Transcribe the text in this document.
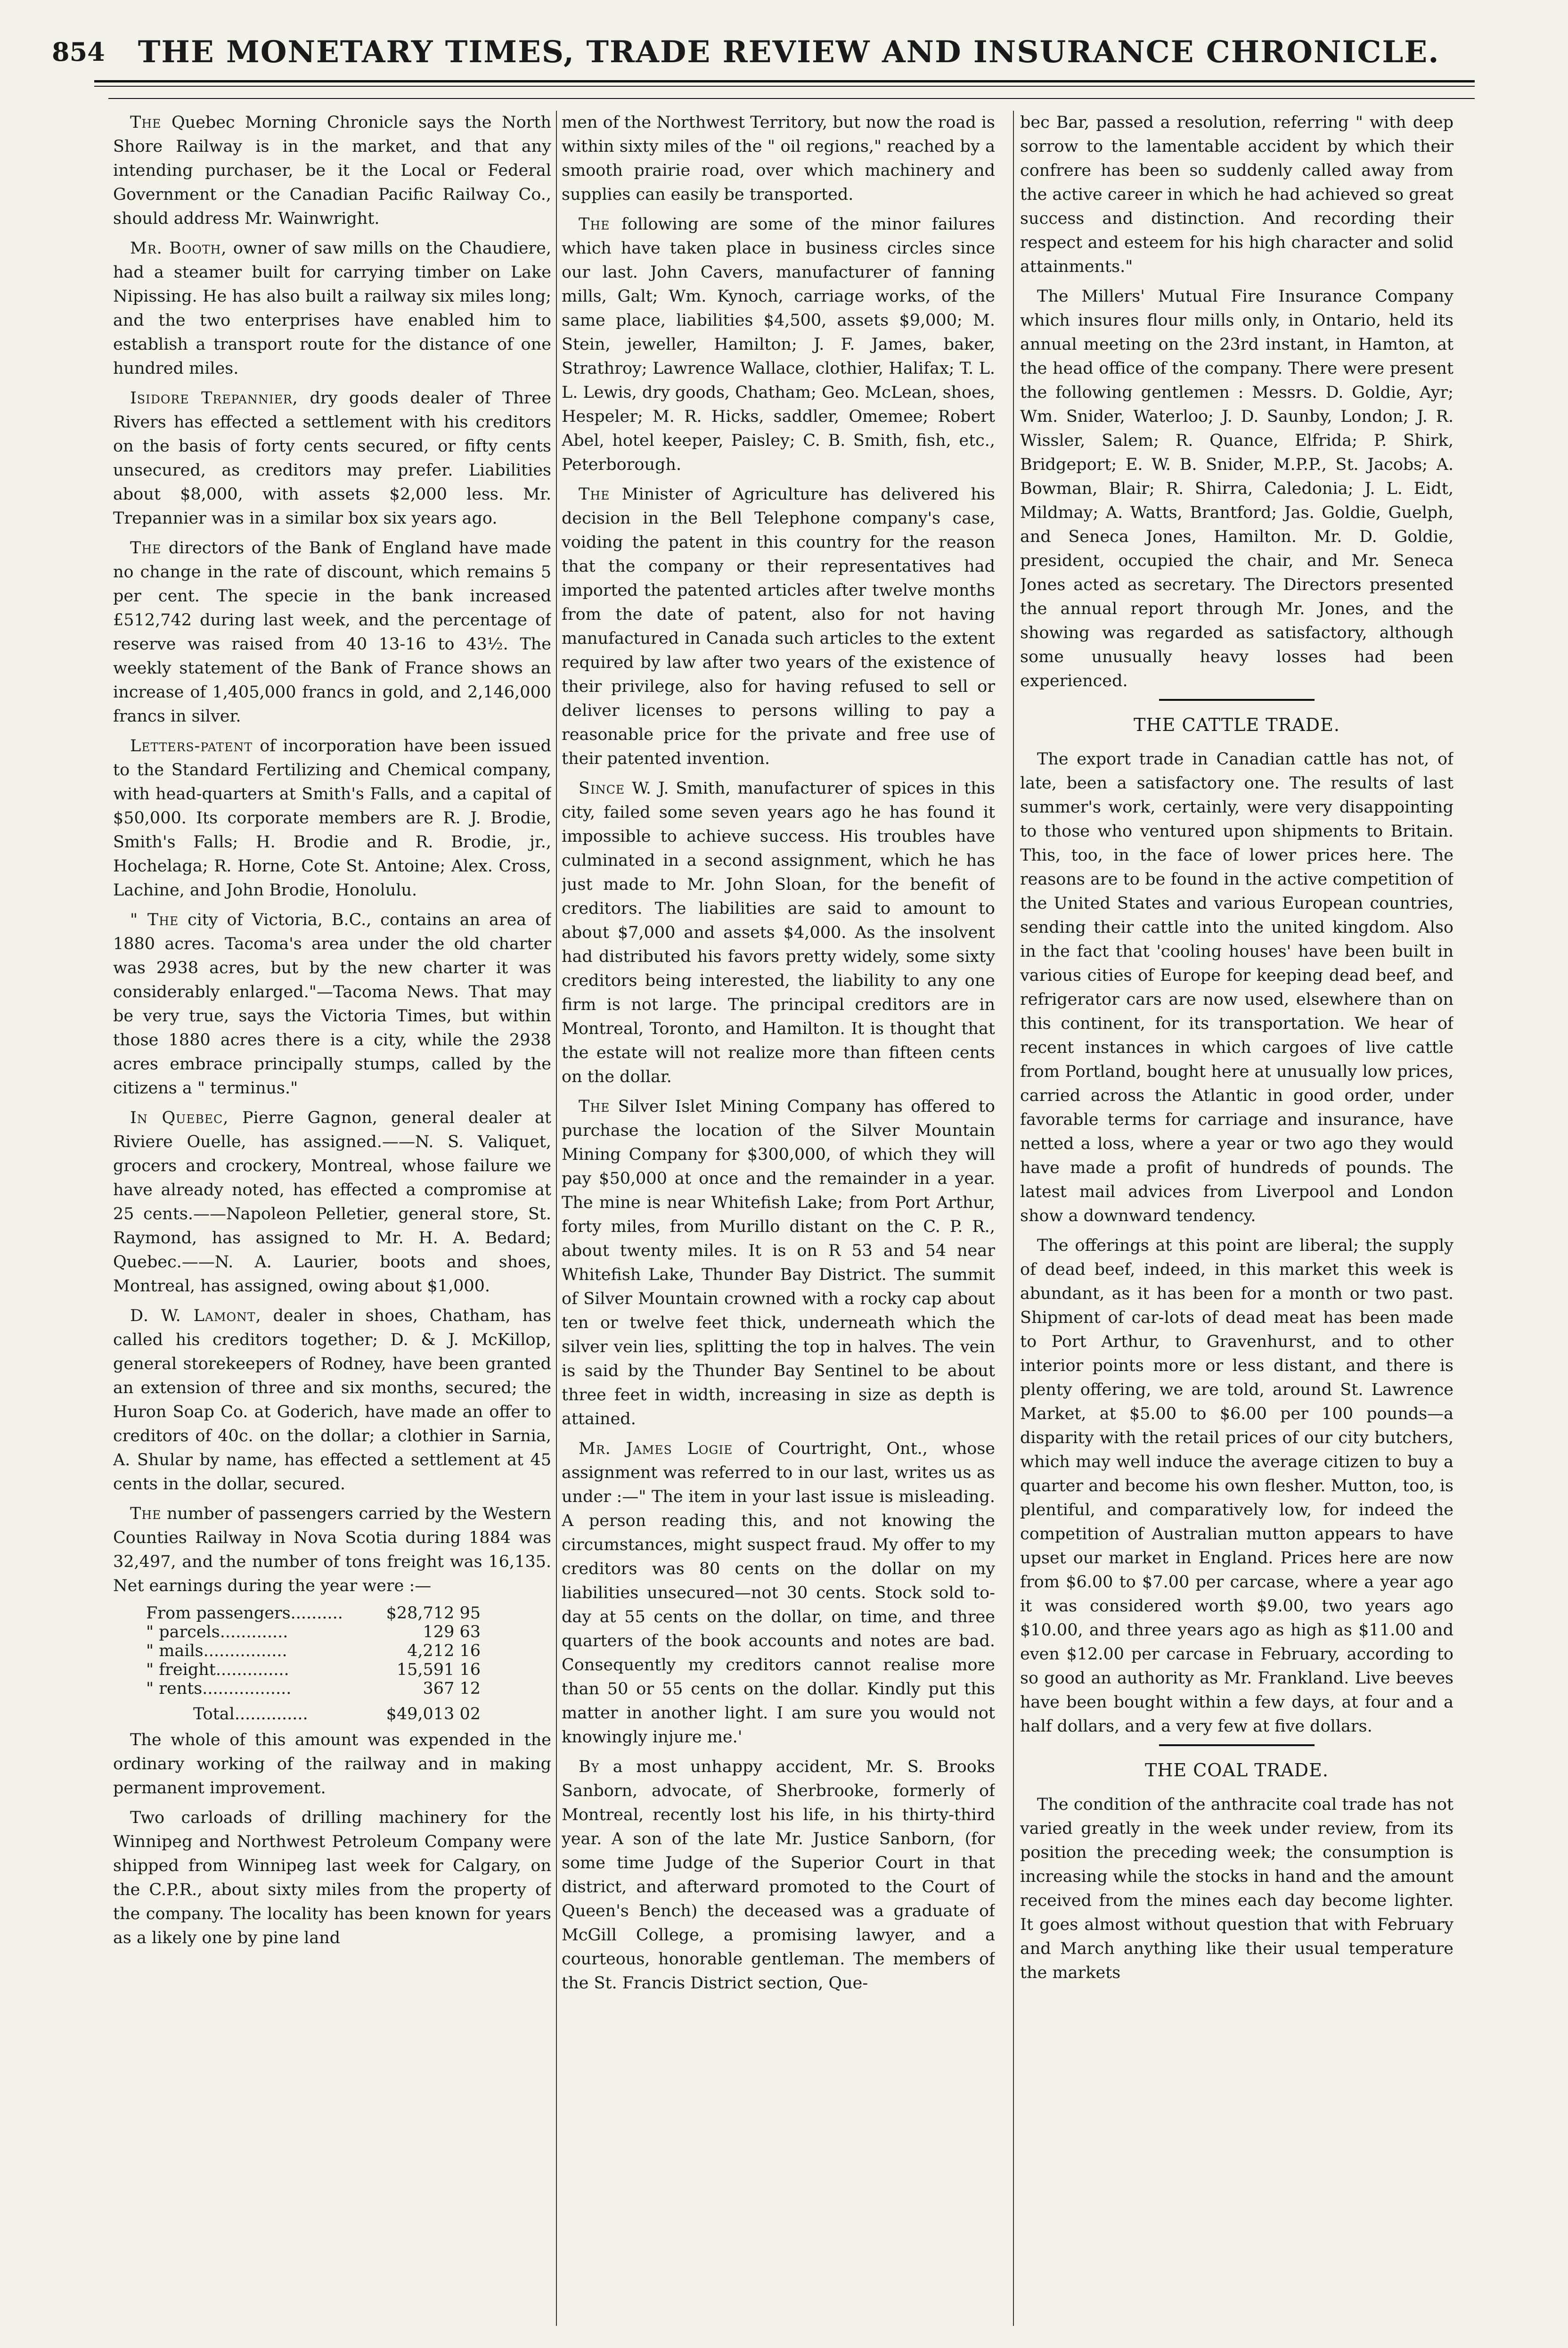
854 THE MONETARY TIMES, TRADE REVIEW AND INSURANCE CHRONICLE.

The Quebec Morning Chronicle says the North Shore Railway is in the market, and that any intending purchaser, be it the Local or Federal Government or the Canadian Pacific Railway Co., should address Mr. Wainwright.

Mr. Booth, owner of saw mills on the Chaudiere, had a steamer built for carrying timber on Lake Nipissing. He has also built a railway six miles long; and the two enterprises have enabled him to establish a transport route for the distance of one hundred miles.

Isidore Trepannier, dry goods dealer of Three Rivers has effected a settlement with his creditors on the basis of forty cents secured, or fifty cents unsecured, as creditors may prefer. Liabilities about $8,000, with assets $2,000 less. Mr. Trepannier was in a similar box six years ago.

The directors of the Bank of England have made no change in the rate of discount, which remains 5 per cent. The specie in the bank increased £512,742 during last week, and the percentage of reserve was raised from 40 13-16 to 43½. The weekly statement of the Bank of France shows an increase of 1,405,000 francs in gold, and 2,146,000 francs in silver.

Letters-patent of incorporation have been issued to the Standard Fertilizing and Chemical company, with head-quarters at Smith's Falls, and a capital of $50,000. Its corporate members are R. J. Brodie, Smith's Falls; H. Brodie and R. Brodie, jr., Hochelaga; R. Horne, Cote St. Antoine; Alex. Cross, Lachine, and John Brodie, Honolulu.

" The city of Victoria, B.C., contains an area of 1880 acres. Tacoma's area under the old charter was 2938 acres, but by the new charter it was considerably enlarged."—Tacoma News. That may be very true, says the Victoria Times, but within those 1880 acres there is a city, while the 2938 acres embrace principally stumps, called by the citizens a " terminus."

In Quebec, Pierre Gagnon, general dealer at Riviere Ouelle, has assigned.——N. S. Valiquet, grocers and crockery, Montreal, whose failure we have already noted, has effected a compromise at 25 cents.——Napoleon Pelletier, general store, St. Raymond, has assigned to Mr. H. A. Bedard; Quebec.——N. A. Laurier, boots and shoes, Montreal, has assigned, owing about $1,000.

D. W. Lamont, dealer in shoes, Chatham, has called his creditors together; D. & J. McKillop, general storekeepers of Rodney, have been granted an extension of three and six months, secured; the Huron Soap Co. at Goderich, have made an offer to creditors of 40c. on the dollar; a clothier in Sarnia, A. Shular by name, has effected a settlement at 45 cents in the dollar, secured.

The number of passengers carried by the Western Counties Railway in Nova Scotia during 1884 was 32,497, and the number of tons freight was 16,135. Net earnings during the year were :—

From passengers..........	$28,712 95
" parcels.............	129 63
" mails................	4,212 16
" freight..............	15,591 16
" rents.................	367 12
Total..............	$49,013 02

The whole of this amount was expended in the ordinary working of the railway and in making permanent improvement.

Two carloads of drilling machinery for the Winnipeg and Northwest Petroleum Company were shipped from Winnipeg last week for Calgary, on the C.P.R., about sixty miles from the property of the company. The locality has been known for years as a likely one by pine land

men of the Northwest Territory, but now the road is within sixty miles of the " oil regions," reached by a smooth prairie road, over which machinery and supplies can easily be transported.

The following are some of the minor failures which have taken place in business circles since our last. John Cavers, manufacturer of fanning mills, Galt; Wm. Kynoch, carriage works, of the same place, liabilities $4,500, assets $9,000; M. Stein, jeweller, Hamilton; J. F. James, baker, Strathroy; Lawrence Wallace, clothier, Halifax; T. L. L. Lewis, dry goods, Chatham; Geo. McLean, shoes, Hespeler; M. R. Hicks, saddler, Omemee; Robert Abel, hotel keeper, Paisley; C. B. Smith, fish, etc., Peterborough.

The Minister of Agriculture has delivered his decision in the Bell Telephone company's case, voiding the patent in this country for the reason that the company or their representatives had imported the patented articles after twelve months from the date of patent, also for not having manufactured in Canada such articles to the extent required by law after two years of the existence of their privilege, also for having refused to sell or deliver licenses to persons willing to pay a reasonable price for the private and free use of their patented invention.

Since W. J. Smith, manufacturer of spices in this city, failed some seven years ago he has found it impossible to achieve success. His troubles have culminated in a second assignment, which he has just made to Mr. John Sloan, for the benefit of creditors. The liabilities are said to amount to about $7,000 and assets $4,000. As the insolvent had distributed his favors pretty widely, some sixty creditors being interested, the liability to any one firm is not large. The principal creditors are in Montreal, Toronto, and Hamilton. It is thought that the estate will not realize more than fifteen cents on the dollar.

The Silver Islet Mining Company has offered to purchase the location of the Silver Mountain Mining Company for $300,000, of which they will pay $50,000 at once and the remainder in a year. The mine is near Whitefish Lake; from Port Arthur, forty miles, from Murillo distant on the C. P. R., about twenty miles. It is on R 53 and 54 near Whitefish Lake, Thunder Bay District. The summit of Silver Mountain crowned with a rocky cap about ten or twelve feet thick, underneath which the silver vein lies, splitting the top in halves. The vein is said by the Thunder Bay Sentinel to be about three feet in width, increasing in size as depth is attained.

Mr. James Logie of Courtright, Ont., whose assignment was referred to in our last, writes us as under :—" The item in your last issue is misleading. A person reading this, and not knowing the circumstances, might suspect fraud. My offer to my creditors was 80 cents on the dollar on my liabilities unsecured—not 30 cents. Stock sold to-day at 55 cents on the dollar, on time, and three quarters of the book accounts and notes are bad. Consequently my creditors cannot realise more than 50 or 55 cents on the dollar. Kindly put this matter in another light. I am sure you would not knowingly injure me.'

By a most unhappy accident, Mr. S. Brooks Sanborn, advocate, of Sherbrooke, formerly of Montreal, recently lost his life, in his thirty-third year. A son of the late Mr. Justice Sanborn, (for some time Judge of the Superior Court in that district, and afterward promoted to the Court of Queen's Bench) the deceased was a graduate of McGill College, a promising lawyer, and a courteous, honorable gentleman. The members of the St. Francis District section, Que-

bec Bar, passed a resolution, referring " with deep sorrow to the lamentable accident by which their confrere has been so suddenly called away from the active career in which he had achieved so great success and distinction. And recording their respect and esteem for his high character and solid attainments."

The Millers' Mutual Fire Insurance Company which insures flour mills only, in Ontario, held its annual meeting on the 23rd instant, in Hamton, at the head office of the company. There were present the following gentlemen : Messrs. D. Goldie, Ayr; Wm. Snider, Waterloo; J. D. Saunby, London; J. R. Wissler, Salem; R. Quance, Elfrida; P. Shirk, Bridgeport; E. W. B. Snider, M.P.P., St. Jacobs; A. Bowman, Blair; R. Shirra, Caledonia; J. L. Eidt, Mildmay; A. Watts, Brantford; Jas. Goldie, Guelph, and Seneca Jones, Hamilton. Mr. D. Goldie, president, occupied the chair, and Mr. Seneca Jones acted as secretary. The Directors presented the annual report through Mr. Jones, and the showing was regarded as satisfactory, although some unusually heavy losses had been experienced.

THE CATTLE TRADE.

The export trade in Canadian cattle has not, of late, been a satisfactory one. The results of last summer's work, certainly, were very disappointing to those who ventured upon shipments to Britain. This, too, in the face of lower prices here. The reasons are to be found in the active competition of the United States and various European countries, sending their cattle into the united kingdom. Also in the fact that 'cooling houses' have been built in various cities of Europe for keeping dead beef, and refrigerator cars are now used, elsewhere than on this continent, for its transportation. We hear of recent instances in which cargoes of live cattle from Portland, bought here at unusually low prices, carried across the Atlantic in good order, under favorable terms for carriage and insurance, have netted a loss, where a year or two ago they would have made a profit of hundreds of pounds. The latest mail advices from Liverpool and London show a downward tendency.

The offerings at this point are liberal; the supply of dead beef, indeed, in this market this week is abundant, as it has been for a month or two past. Shipment of car-lots of dead meat has been made to Port Arthur, to Gravenhurst, and to other interior points more or less distant, and there is plenty offering, we are told, around St. Lawrence Market, at $5.00 to $6.00 per 100 pounds—a disparity with the retail prices of our city butchers, which may well induce the average citizen to buy a quarter and become his own flesher. Mutton, too, is plentiful, and comparatively low, for indeed the competition of Australian mutton appears to have upset our market in England. Prices here are now from $6.00 to $7.00 per carcase, where a year ago it was considered worth $9.00, two years ago $10.00, and three years ago as high as $11.00 and even $12.00 per carcase in February, according to so good an authority as Mr. Frankland. Live beeves have been bought within a few days, at four and a half dollars, and a very few at five dollars.

THE COAL TRADE.

The condition of the anthracite coal trade has not varied greatly in the week under review, from its position the preceding week; the consumption is increasing while the stocks in hand and the amount received from the mines each day become lighter. It goes almost without question that with February and March anything like their usual temperature the markets
